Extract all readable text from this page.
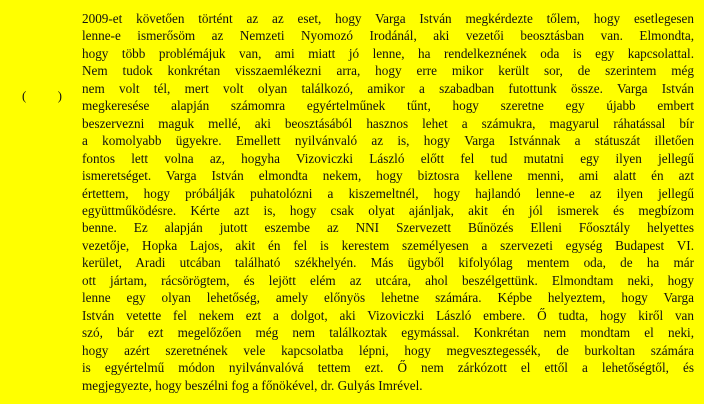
( )
2009-et követően történt az az eset, hogy Varga István megkérdezte tőlem, hogy esetlegesen
lenne-e ismerősöm az Nemzeti Nyomozó Irodánál, aki vezetői beosztásban van. Elmondta,
hogy több problémájuk van, ami miatt jó lenne, ha rendelkeznének oda is egy kapcsolattal.
Nem tudok konkrétan visszaemlékezni arra, hogy erre mikor került sor, de szerintem még
nem volt tél, mert volt olyan találkozó, amikor a szabadban futottunk össze. Varga István
megkeresése alapján számomra egyértelműnek tűnt, hogy szeretne egy újabb embert
beszervezni maguk mellé, aki beosztásából hasznos lehet a számukra, magyarul ráhatással bír
a komolyabb ügyekre. Emellett nyilvánvaló az is, hogy Varga Istvánnak a státuszát illetően
fontos lett volna az, hogyha Vizoviczki László előtt fel tud mutatni egy ilyen jellegű
ismeretséget. Varga István elmondta nekem, hogy biztosra kellene menni, ami alatt én azt
értettem, hogy próbálják puhatolózni a kiszemeltnél, hogy hajlandó lenne-e az ilyen jellegű
együttműködésre. Kérte azt is, hogy csak olyat ajánljak, akit én jól ismerek és megbízom
benne. Ez alapján jutott eszembe az NNI Szervezett Bűnözés Elleni Főosztály helyettes
vezetője, Hopka Lajos, akit én fel is kerestem személyesen a szervezeti egység Budapest VI.
kerület, Aradi utcában található székhelyén. Más ügyből kifolyólag mentem oda, de ha már
ott jártam, rácsörögtem, és lejött elém az utcára, ahol beszélgettünk. Elmondtam neki, hogy
lenne egy olyan lehetőség, amely előnyös lehetne számára. Képbe helyeztem, hogy Varga
István vetette fel nekem ezt a dolgot, aki Vizoviczki László embere. Ő tudta, hogy kiről van
szó, bár ezt megelőzően még nem találkoztak egymással. Konkrétan nem mondtam el neki,
hogy azért szeretnének vele kapcsolatba lépni, hogy megvesztegessék, de burkoltan számára
is egyértelmű módon nyilvánvalóvá tettem ezt. Ő nem zárkózott el ettől a lehetőségtől, és
megjegyezte, hogy beszélni fog a főnökével, dr. Gulyás Imrével.
